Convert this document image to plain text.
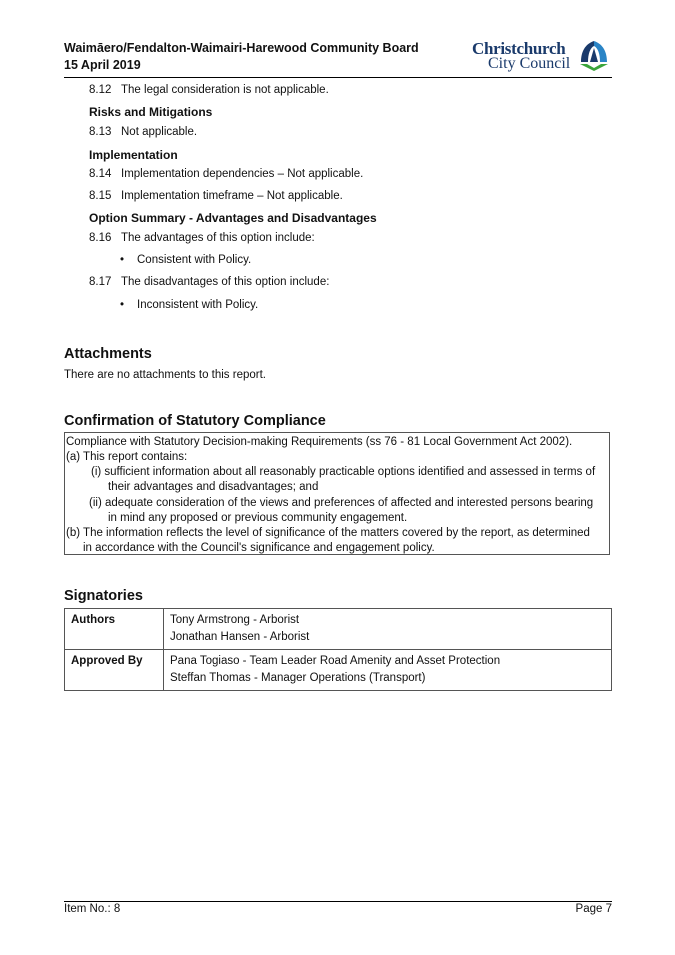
Waimāero/Fendalton-Waimairi-Harewood Community Board
15 April 2019
Christchurch
City Council
8.12 The legal consideration is not applicable.
Risks and Mitigations
8.13 Not applicable.
Implementation
8.14 Implementation dependencies – Not applicable.
8.15 Implementation timeframe – Not applicable.
Option Summary - Advantages and Disadvantages
8.16 The advantages of this option include:
• Consistent with Policy.
8.17 The disadvantages of this option include:
• Inconsistent with Policy.
Attachments
There are no attachments to this report.
Confirmation of Statutory Compliance
Compliance with Statutory Decision-making Requirements (ss 76 - 81 Local Government Act 2002).
(a) This report contains:
(i) sufficient information about all reasonably practicable options identified and assessed in terms of
their advantages and disadvantages; and
(ii) adequate consideration of the views and preferences of affected and interested persons bearing
in mind any proposed or previous community engagement.
(b) The information reflects the level of significance of the matters covered by the report, as determined
in accordance with the Council's significance and engagement policy.
Signatories
Authors	Tony Armstrong - Arborist
Jonathan Hansen - Arborist

Approved By	Pana Togiaso - Team Leader Road Amenity and Asset Protection
Steffan Thomas - Manager Operations (Transport)
Item No.: 8	Page 7
